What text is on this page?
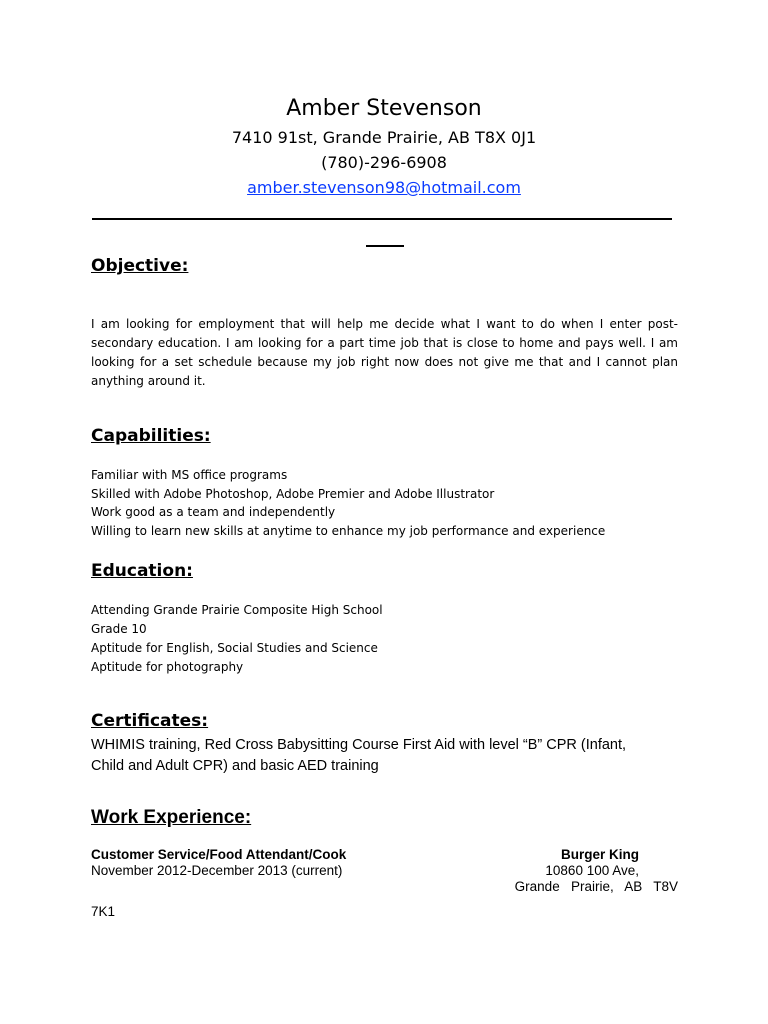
Amber Stevenson
7410 91st, Grande Prairie, AB T8X 0J1
(780)-296-6908
amber.stevenson98@hotmail.com
Objective:
I am looking for employment that will help me decide what I want to do when I enter post-secondary education. I am looking for a part time job that is close to home and pays well. I am looking for a set schedule because my job right now does not give me that and I cannot plan anything around it.
Capabilities:
Familiar with MS office programs
Skilled with Adobe Photoshop, Adobe Premier and Adobe Illustrator
Work good as a team and independently
Willing to learn new skills at anytime to enhance my job performance and experience
Education:
Attending Grande Prairie Composite High School
Grade 10
Aptitude for English, Social Studies and Science
Aptitude for photography
Certificates:
WHIMIS training, Red Cross Babysitting Course First Aid with level “B” CPR (Infant,
Child and Adult CPR) and basic AED training
Work Experience:
Customer Service/Food Attendant/Cook	Burger King
November 2012-December 2013 (current)	10860 100 Ave,
Grande   Prairie,   AB   T8V
7K1
